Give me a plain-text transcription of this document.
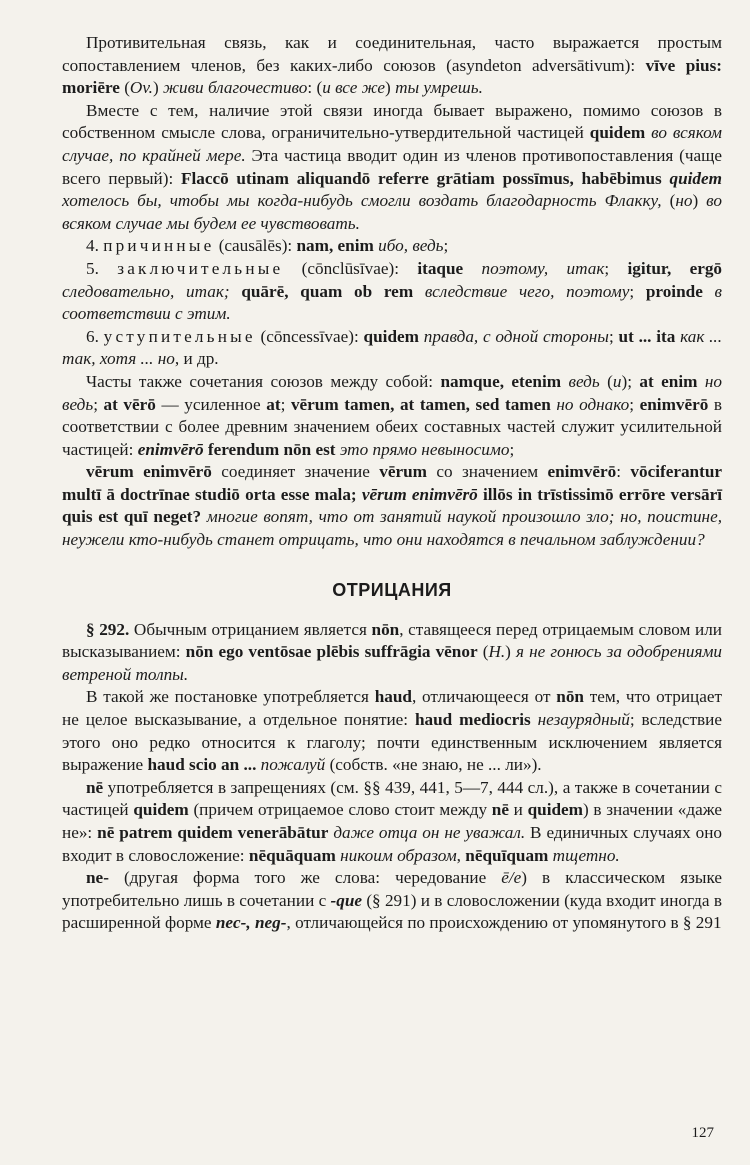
Противительная связь, как и соединительная, часто выражается простым сопоставлением членов, без каких-либо союзов (asyndeton adversātivum): vīve pius: moriēre (Ov.) живи благочестиво: (и все же) ты умрешь.

Вместе с тем, наличие этой связи иногда бывает выражено, помимо союзов в собственном смысле слова, ограничительно-утвердительной частицей quidem во всяком случае, по крайней мере. Эта частица вводит один из членов противопоставления (чаще всего первый): Flaccō utinam aliquandō referre grātiam possīmus, habēbimus quidem хотелось бы, чтобы мы когда-нибудь смогли воздать благодарность Флакку, (но) во всяком случае мы будем ее чувствовать.

4. причинные (causālēs): nam, enim ибо, ведь;

5. заключительные (cōnclūsīvae): itaque поэтому, итак; igitur, ergō следовательно, итак; quārē, quam ob rem вследствие чего, поэтому; proinde в соответствии с этим.

6. уступительные (cōncessīvae): quidem правда, с одной стороны; ut ... ita как ... так, хотя ... но, и др.

Часты также сочетания союзов между собой: namque, etenim ведь (и); at enim но ведь; at vērō — усиленное at; vērum tamen, at tamen, sed tamen но однако; enimvērō в соответствии с более древним значением обеих составных частей служит усилительной частицей: enimvērō ferendum nōn est это прямо невыносимо;

vērum enimvērō соединяет значение vērum со значением enimvērō: vōciferantur multī ā doctrīnae studiō orta esse mala; vērum enimvērō illōs in trīstissimō errōre versārī quis est quī neget? многие вопят, что от занятий наукой произошло зло; но, поистине, неужели кто-нибудь станет отрицать, что они находятся в печальном заблуждении?

ОТРИЦАНИЯ

§ 292. Обычным отрицанием является nōn, ставящееся перед отрицаемым словом или высказыванием: nōn ego ventōsae plēbis suffrāgia vēnor (H.) я не гонюсь за одобрениями ветреной толпы.

В такой же постановке употребляется haud, отличающееся от nōn тем, что отрицает не целое высказывание, а отдельное понятие: haud mediocris незаурядный; вследствие этого оно редко относится к глаголу; почти единственным исключением является выражение haud scio an ... пожалуй (собств. «не знаю, не ... ли»).

nē употребляется в запрещениях (см. §§ 439, 441, 5—7, 444 сл.), а также в сочетании с частицей quidem (причем отрицаемое слово стоит между nē и quidem) в значении «даже не»: nē patrem quidem venerābātur даже отца он не уважал. В единичных случаях оно входит в словосложение: nēquāquam никоим образом, nēquīquam тщетно.

ne- (другая форма того же слова: чередование ē/e) в классическом языке употребительно лишь в сочетании с -que (§ 291) и в словосложении (куда входит иногда в расширенной форме nec-, neg-, отличающейся по происхождению от упомянутого в § 291

127
